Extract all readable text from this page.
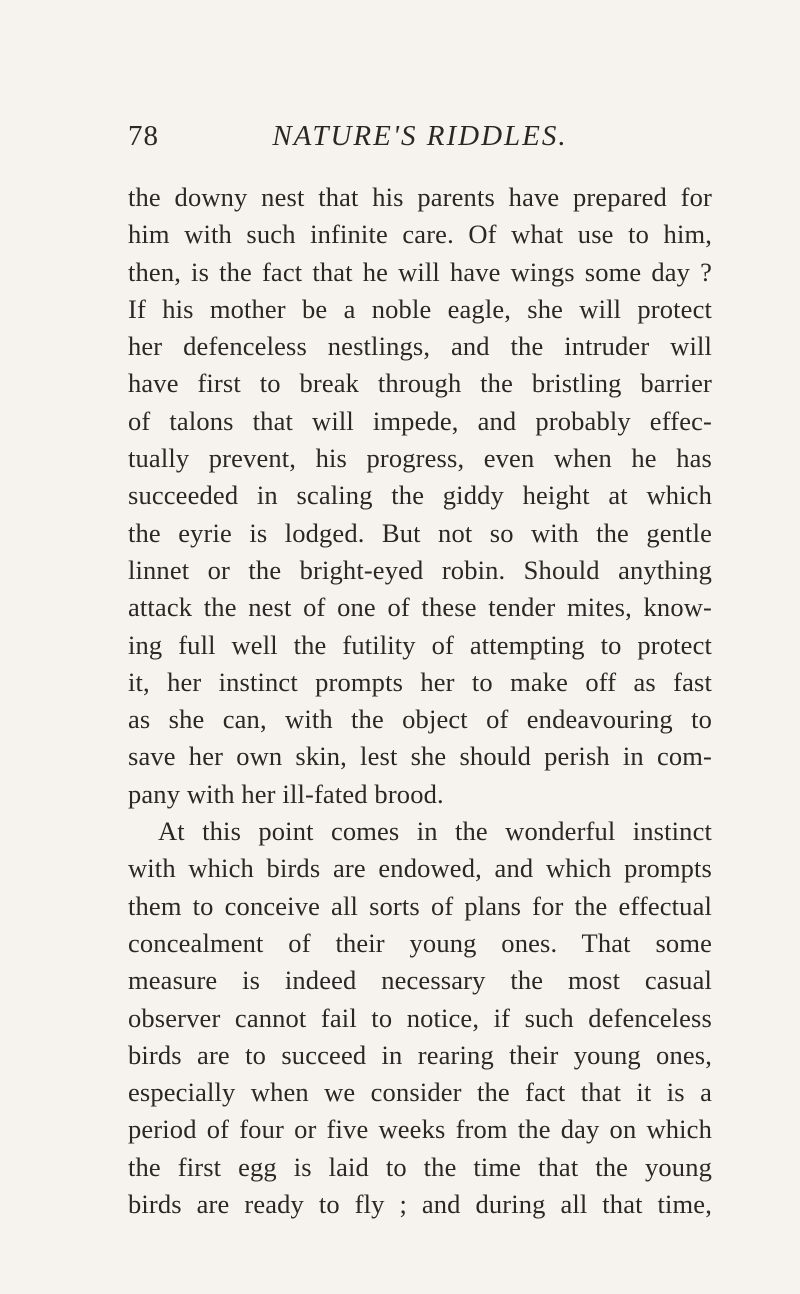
78	NATURE'S RIDDLES.
the downy nest that his parents have prepared for
him with such infinite care. Of what use to him,
then, is the fact that he will have wings some day ?
If his mother be a noble eagle, she will protect
her defenceless nestlings, and the intruder will
have first to break through the bristling barrier
of talons that will impede, and probably effec-
tually prevent, his progress, even when he has
succeeded in scaling the giddy height at which
the eyrie is lodged. But not so with the gentle
linnet or the bright-eyed robin. Should anything
attack the nest of one of these tender mites, know-
ing full well the futility of attempting to protect
it, her instinct prompts her to make off as fast
as she can, with the object of endeavouring to
save her own skin, lest she should perish in com-
pany with her ill-fated brood.
At this point comes in the wonderful instinct
with which birds are endowed, and which prompts
them to conceive all sorts of plans for the effectual
concealment of their young ones. That some
measure is indeed necessary the most casual
observer cannot fail to notice, if such defenceless
birds are to succeed in rearing their young ones,
especially when we consider the fact that it is a
period of four or five weeks from the day on which
the first egg is laid to the time that the young
birds are ready to fly ; and during all that time,
